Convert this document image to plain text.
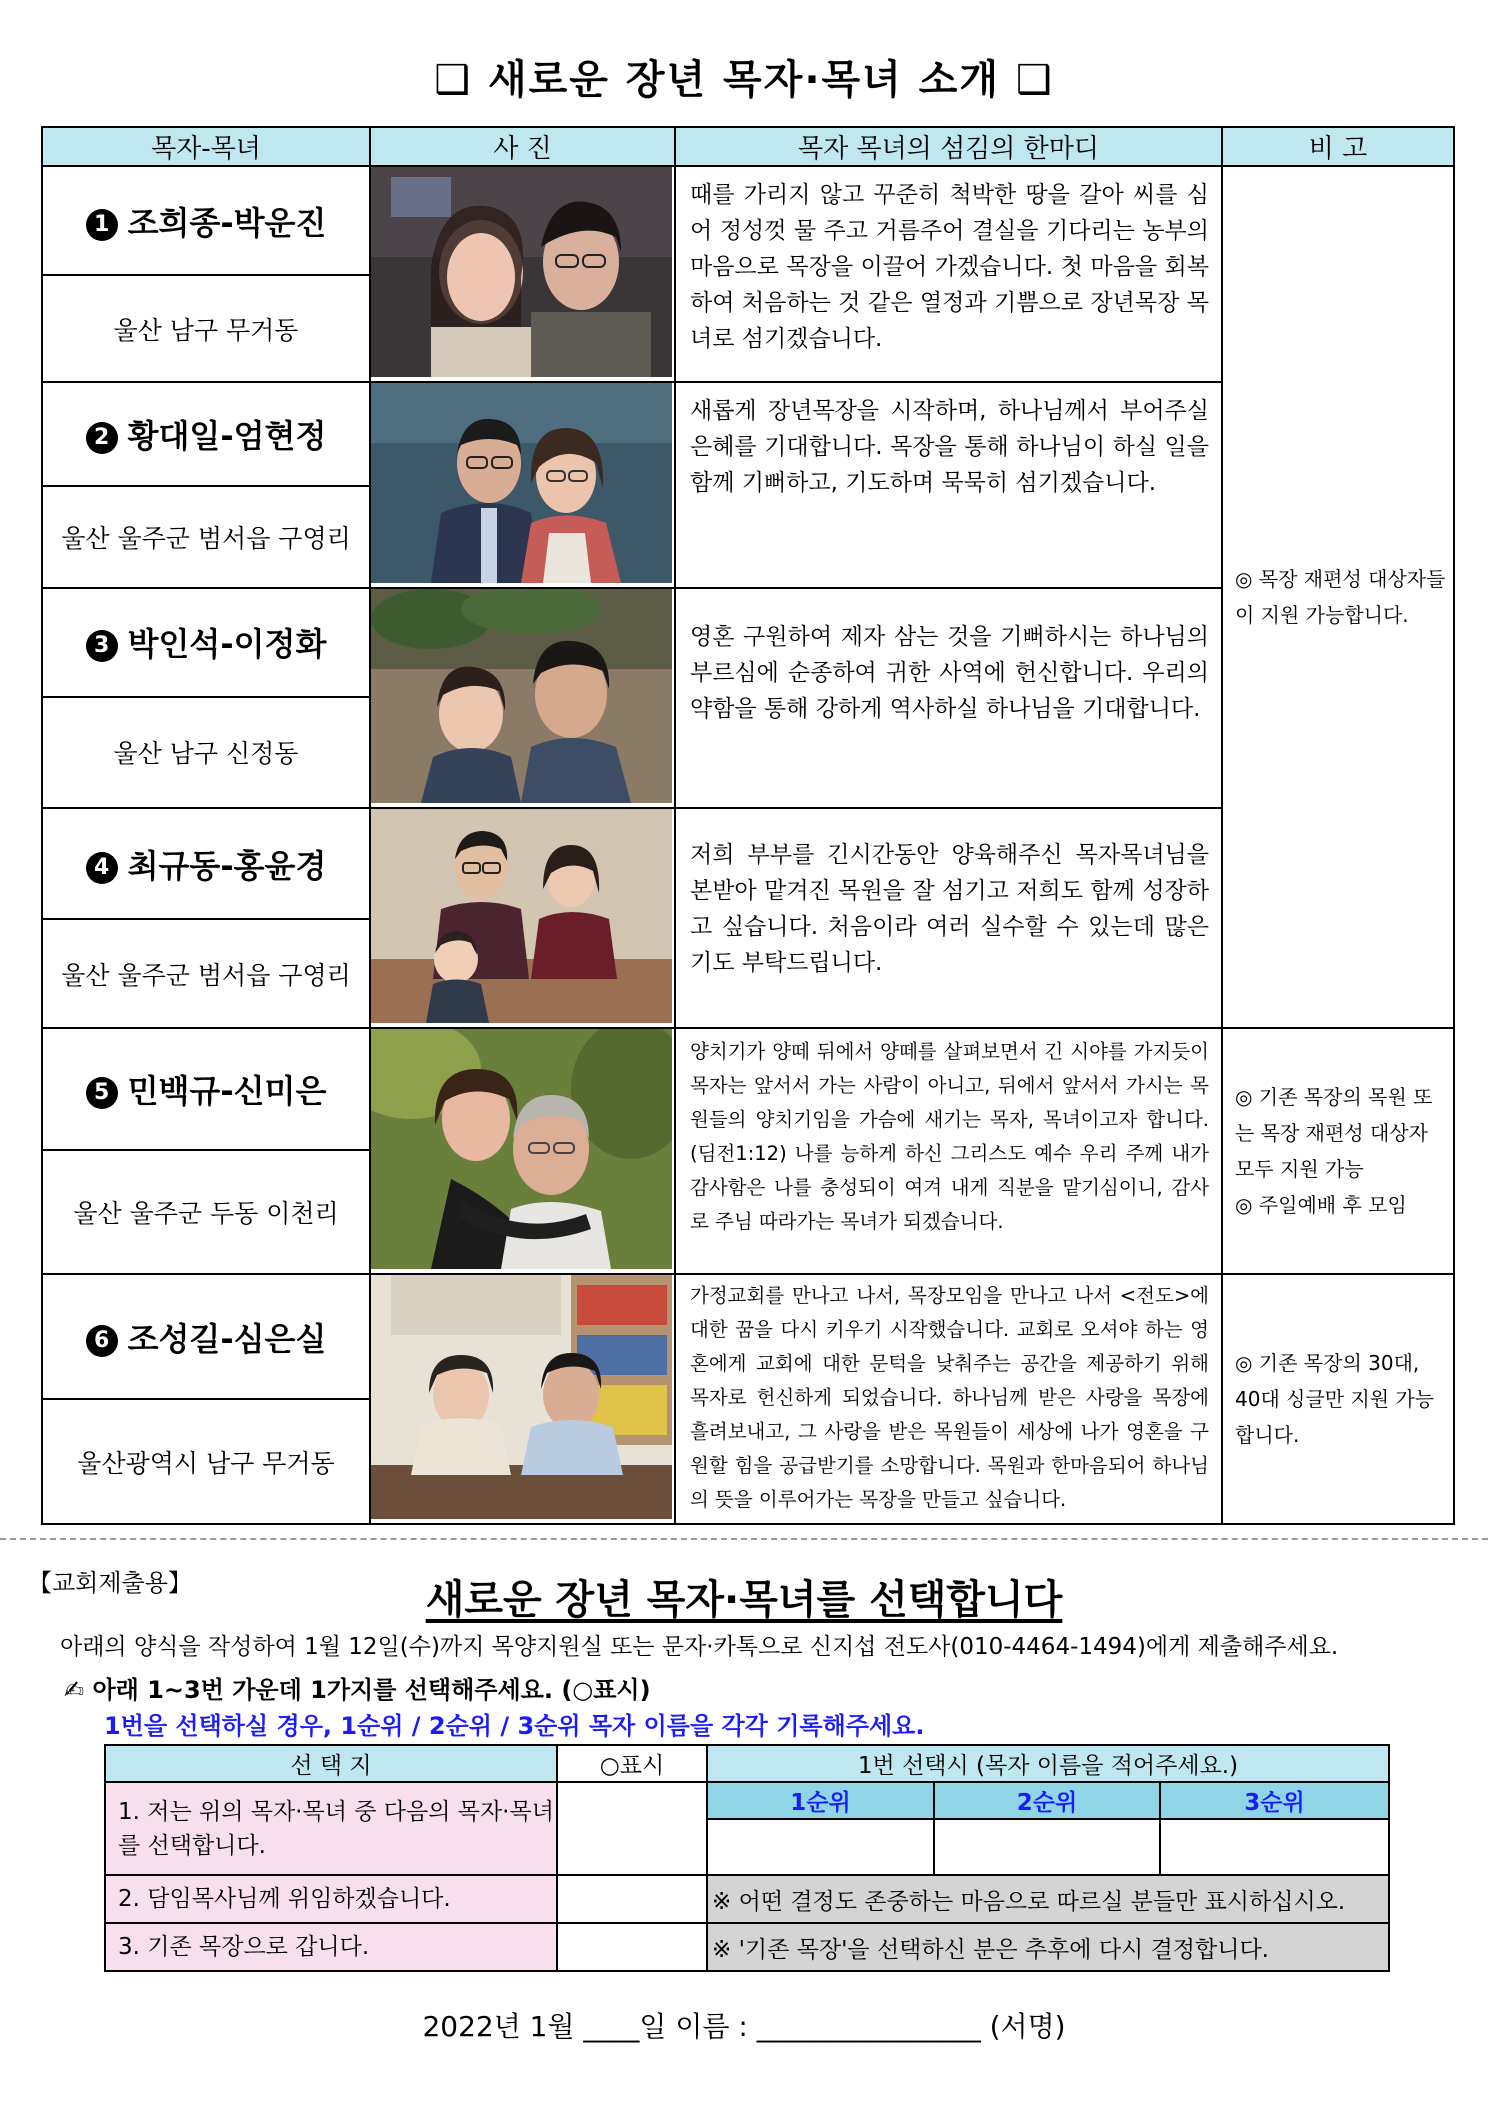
❑ 새로운 장년 목자·목녀 소개 ❑
목자-목녀	사 진	목자 목녀의 섬김의 한마디	비 고
1 조희종-박운진		때를 가리지 않고 꾸준히 척박한 땅을 갈아 씨를 심어 정성껏 물 주고 거름주어 결실을 기다리는 농부의 마음으로 목장을 이끌어 가겠습니다. 첫 마음을 회복하여 처음하는 것 같은 열정과 기쁨으로 장년목장 목녀로 섬기겠습니다.	◎ 목장 재편성 대상자들이 지원 가능합니다.
울산 남구 무거동			
2 황대일-엄현정		새롭게 장년목장을 시작하며, 하나님께서 부어주실 은혜를 기대합니다. 목장을 통해 하나님이 하실 일을 함께 기뻐하고, 기도하며 묵묵히 섬기겠습니다.	
울산 울주군 범서읍 구영리			
3 박인석-이정화		영혼 구원하여 제자 삼는 것을 기뻐하시는 하나님의 부르심에 순종하여 귀한 사역에 헌신합니다. 우리의 약함을 통해 강하게 역사하실 하나님을 기대합니다.	
울산 남구 신정동			
4 최규동-홍윤경		저희 부부를 긴시간동안 양육해주신 목자목녀님을 본받아 맡겨진 목원을 잘 섬기고 저희도 함께 성장하고 싶습니다. 처음이라 여러 실수할 수 있는데 많은 기도 부탁드립니다.	
울산 울주군 범서읍 구영리			
5 민백규-신미은		양치기가 양떼 뒤에서 양떼를 살펴보면서 긴 시야를 가지듯이 목자는 앞서서 가는 사람이 아니고, 뒤에서 앞서서 가시는 목원들의 양치기임을 가슴에 새기는 목자, 목녀이고자 합니다. (딤전1:12) 나를 능하게 하신 그리스도 예수 우리 주께 내가 감사함은 나를 충성되이 여겨 내게 직분을 맡기심이니, 감사로 주님 따라가는 목녀가 되겠습니다.	◎ 기존 목장의 목원 또는 목장 재편성 대상자 모두 지원 가능
◎ 주일예배 후 모임

울산 울주군 두동 이천리			
6 조성길-심은실		가정교회를 만나고 나서, 목장모임을 만나고 나서 <전도>에 대한 꿈을 다시 키우기 시작했습니다. 교회로 오셔야 하는 영혼에게 교회에 대한 문턱을 낮춰주는 공간을 제공하기 위해 목자로 헌신하게 되었습니다. 하나님께 받은 사랑을 목장에 흘려보내고, 그 사랑을 받은 목원들이 세상에 나가 영혼을 구원할 힘을 공급받기를 소망합니다. 목원과 한마음되어 하나님의 뜻을 이루어가는 목장을 만들고 싶습니다.	◎ 기존 목장의 30대, 40대 싱글만 지원 가능합니다.
울산광역시 남구 무거동			
【교회제출용】	새로운 장년 목자·목녀를 선택합니다
아래의 양식을 작성하여 1월 12일(수)까지 목양지원실 또는 문자·카톡으로 신지섭 전도사(010-4464-1494)에게 제출해주세요.
✍ 아래 1~3번 가운데 1가지를 선택해주세요. (○표시)
1번을 선택하실 경우, 1순위 / 2순위 / 3순위 목자 이름을 각각 기록해주세요.
선 택 지	○표시	1번 선택시 (목자 이름을 적어주세요.)		
1. 저는 위의 목자·목녀 중 다음의 목자·목녀를 선택합니다.		1순위	2순위	3순위

2. 담임목사님께 위임하겠습니다.		※ 어떤 결정도 존중하는 마음으로 따르실 분들만 표시하십시오.		
3. 기존 목장으로 갑니다.		※ '기존 목장'을 선택하신 분은 추후에 다시 결정합니다.		
2022년 1월 ____일 이름 : ________________ (서명)
